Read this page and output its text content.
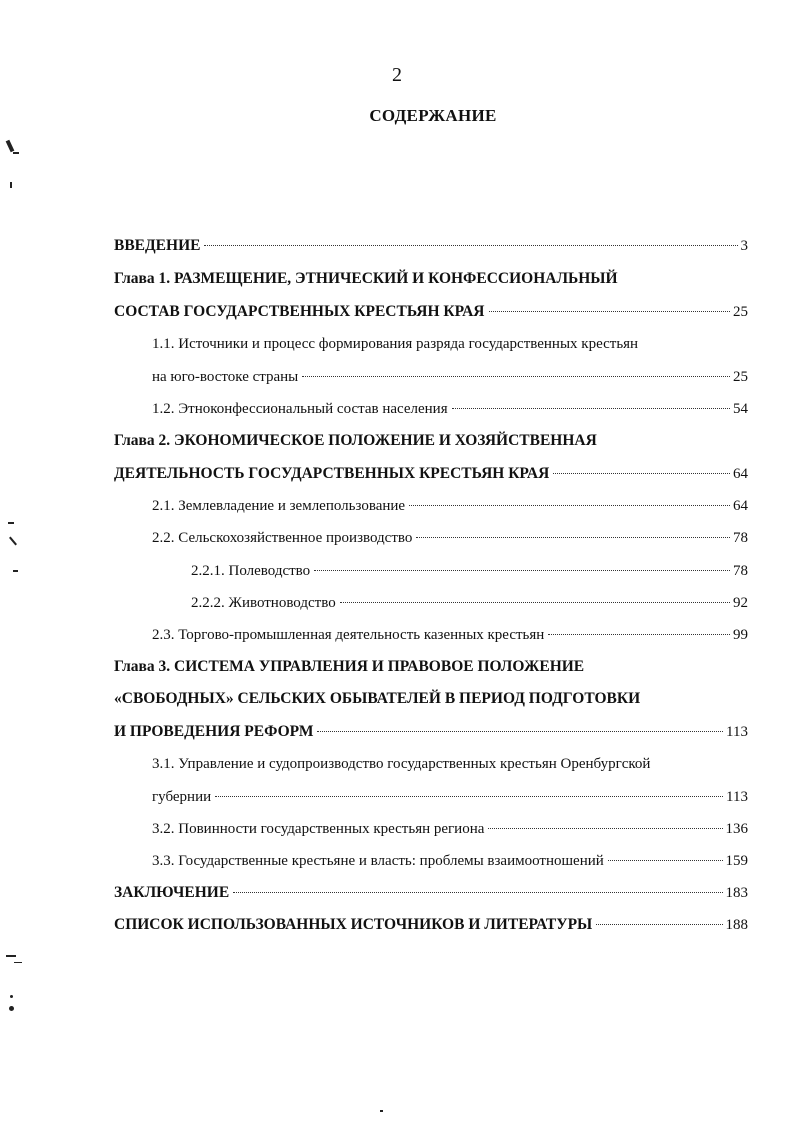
2
СОДЕРЖАНИЕ
ВВЕДЕНИЕ	3
Глава 1. РАЗМЕЩЕНИЕ, ЭТНИЧЕСКИЙ И КОНФЕССИОНАЛЬНЫЙ
СОСТАВ ГОСУДАРСТВЕННЫХ КРЕСТЬЯН КРАЯ	25
1.1. Источники и процесс формирования разряда государственных крестьян
на юго-востоке страны	25
1.2. Этноконфессиональный состав населения	54
Глава 2. ЭКОНОМИЧЕСКОЕ ПОЛОЖЕНИЕ И ХОЗЯЙСТВЕННАЯ
ДЕЯТЕЛЬНОСТЬ ГОСУДАРСТВЕННЫХ КРЕСТЬЯН КРАЯ	64
2.1. Землевладение и землепользование	64
2.2. Сельскохозяйственное производство	78
2.2.1. Полеводство	78
2.2.2. Животноводство	92
2.3. Торгово-промышленная деятельность казенных крестьян	99
Глава 3. СИСТЕМА УПРАВЛЕНИЯ И ПРАВОВОЕ ПОЛОЖЕНИЕ
«СВОБОДНЫХ» СЕЛЬСКИХ ОБЫВАТЕЛЕЙ В ПЕРИОД ПОДГОТОВКИ
И ПРОВЕДЕНИЯ РЕФОРМ	113
3.1. Управление и судопроизводство государственных крестьян Оренбургской
губернии	113
3.2. Повинности государственных крестьян региона	136
3.3. Государственные крестьяне и власть: проблемы взаимоотношений	159
ЗАКЛЮЧЕНИЕ	183
СПИСОК ИСПОЛЬЗОВАННЫХ ИСТОЧНИКОВ И ЛИТЕРАТУРЫ	188
